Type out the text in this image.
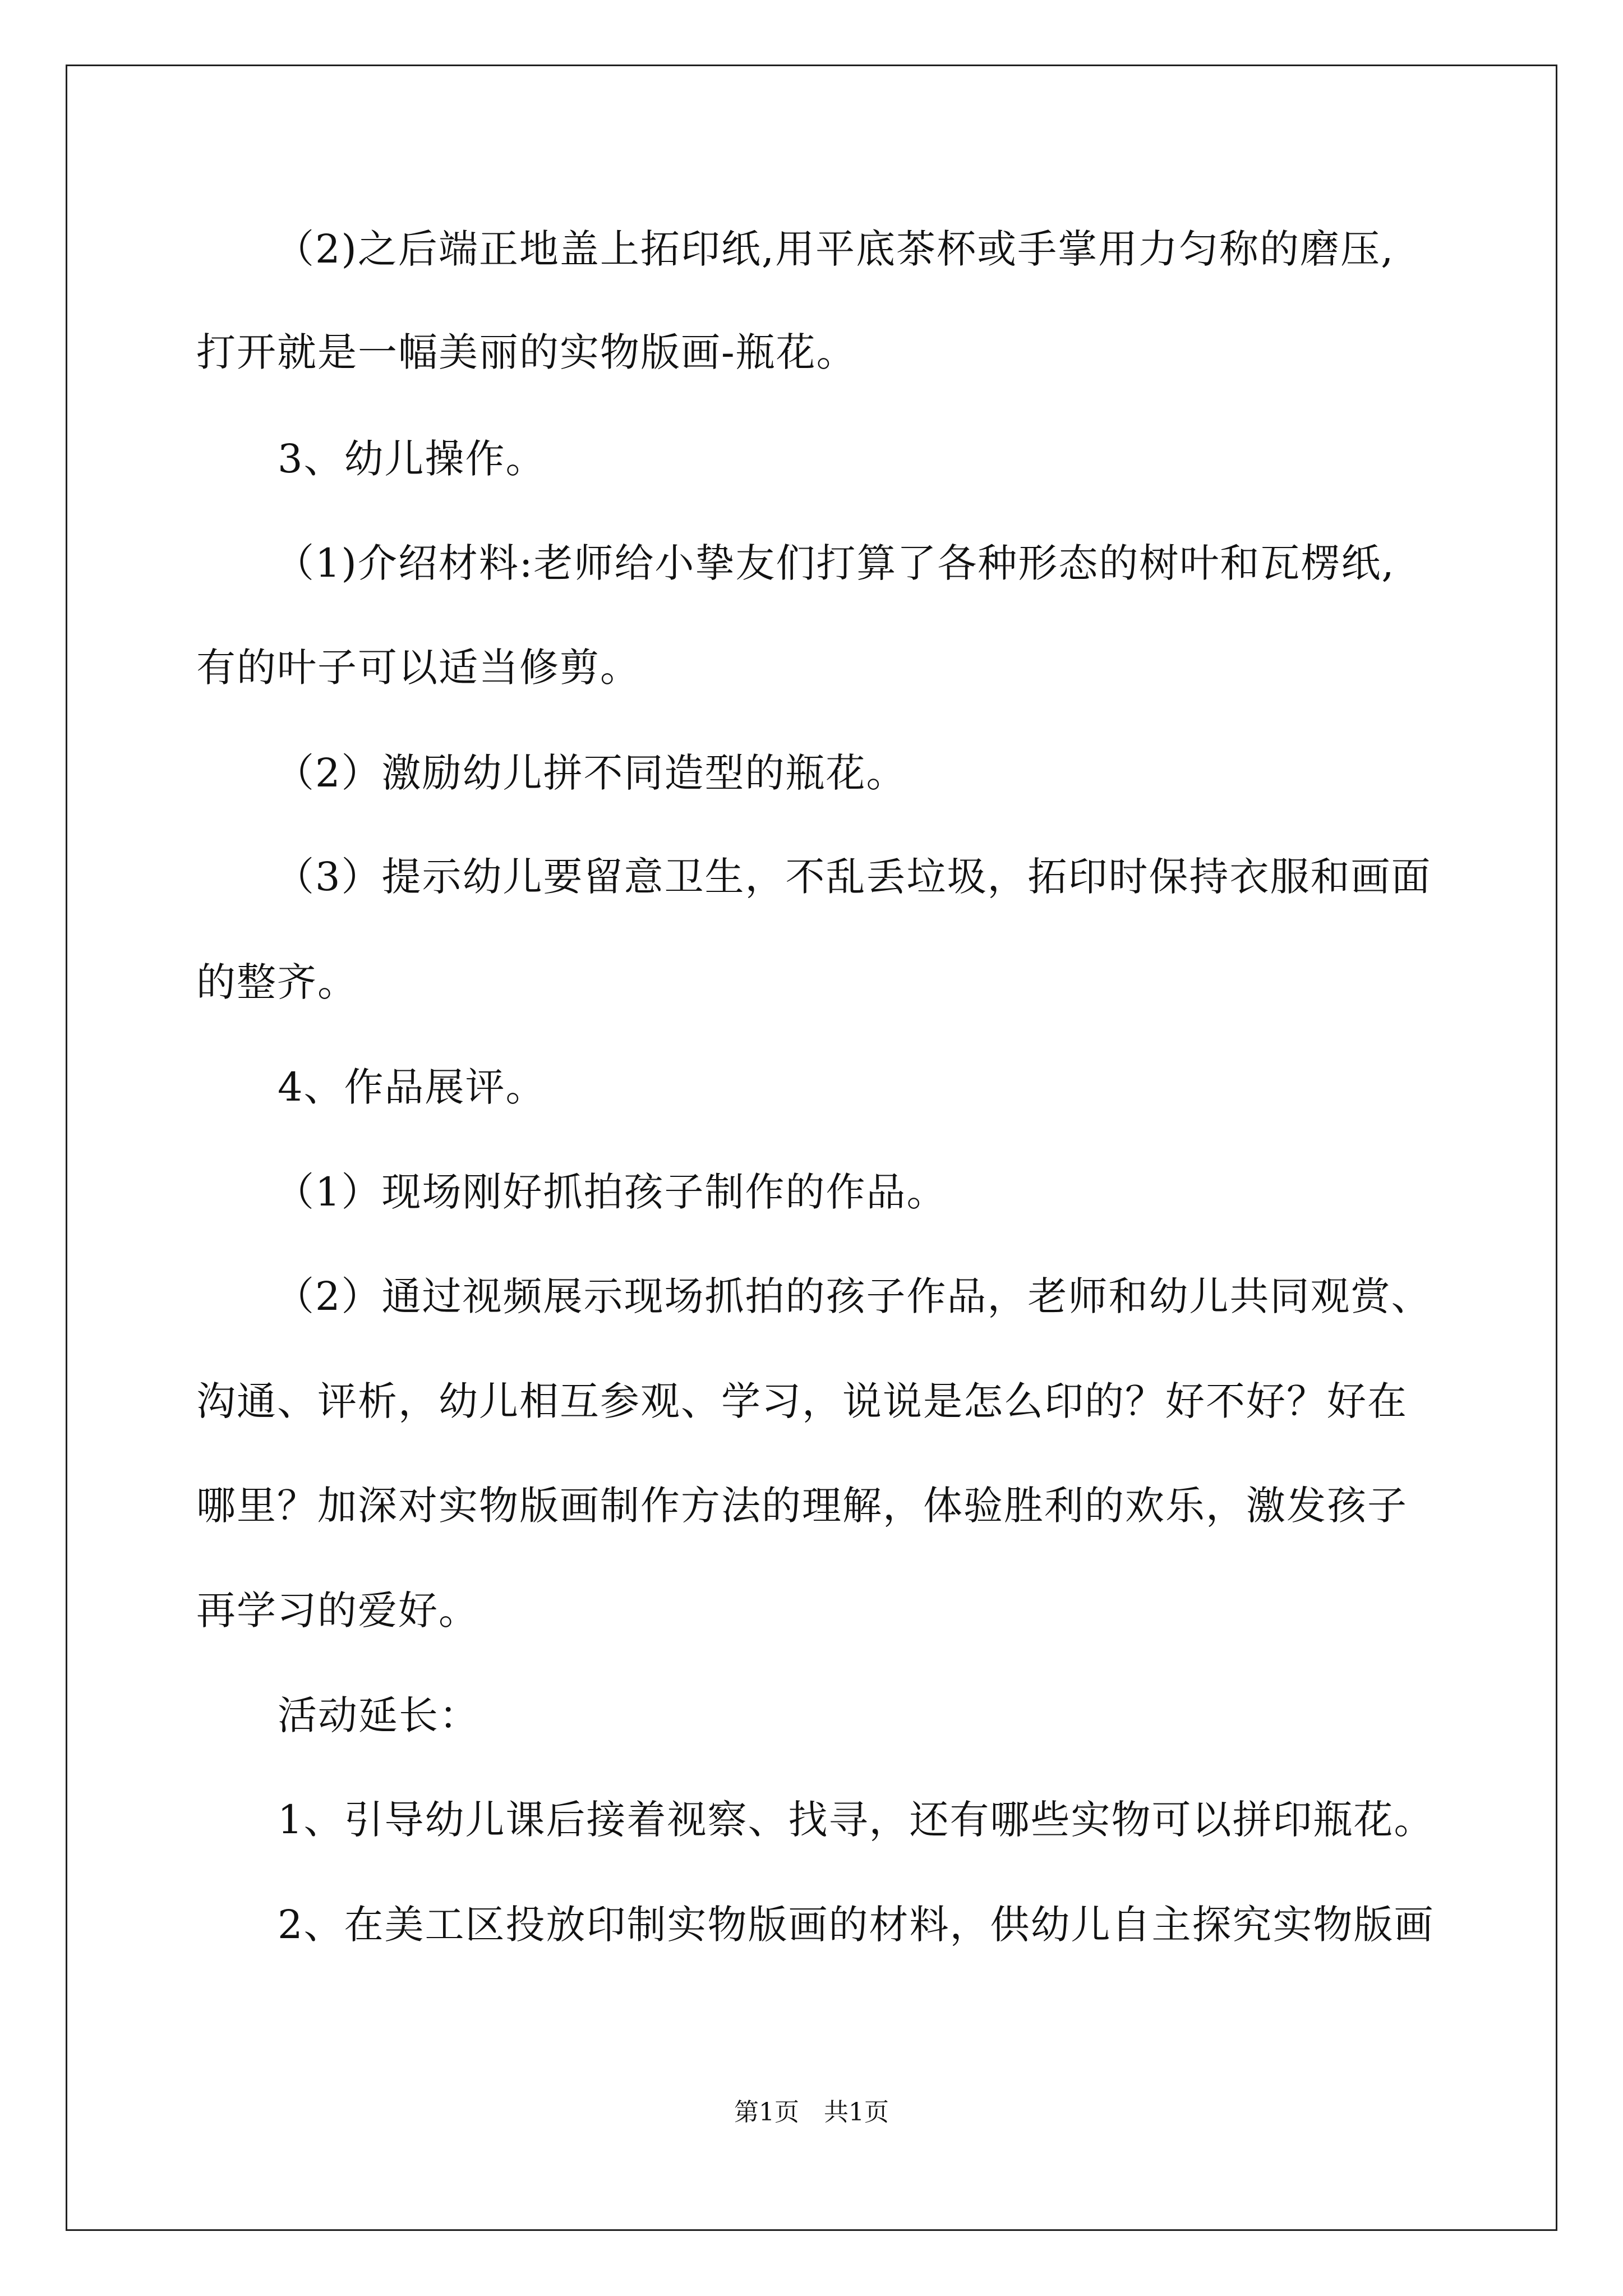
（2)之后端正地盖上拓印纸,用平底茶杯或手掌用力匀称的磨压,
打开就是一幅美丽的实物版画-瓶花。
3、幼儿操作。
（1)介绍材料:老师给小挚友们打算了各种形态的树叶和瓦楞纸,
有的叶子可以适当修剪。
（2）激励幼儿拼不同造型的瓶花。
（3）提示幼儿要留意卫生，不乱丢垃圾，拓印时保持衣服和画面
的整齐。
4、作品展评。
（1）现场刚好抓拍孩子制作的作品。
（2）通过视频展示现场抓拍的孩子作品，老师和幼儿共同观赏、
沟通、评析，幼儿相互参观、学习，说说是怎么印的？好不好？好在
哪里？加深对实物版画制作方法的理解，体验胜利的欢乐，激发孩子
再学习的爱好。
活动延长：
1、引导幼儿课后接着视察、找寻，还有哪些实物可以拼印瓶花。
2、在美工区投放印制实物版画的材料，供幼儿自主探究实物版画
第1页　共1页
